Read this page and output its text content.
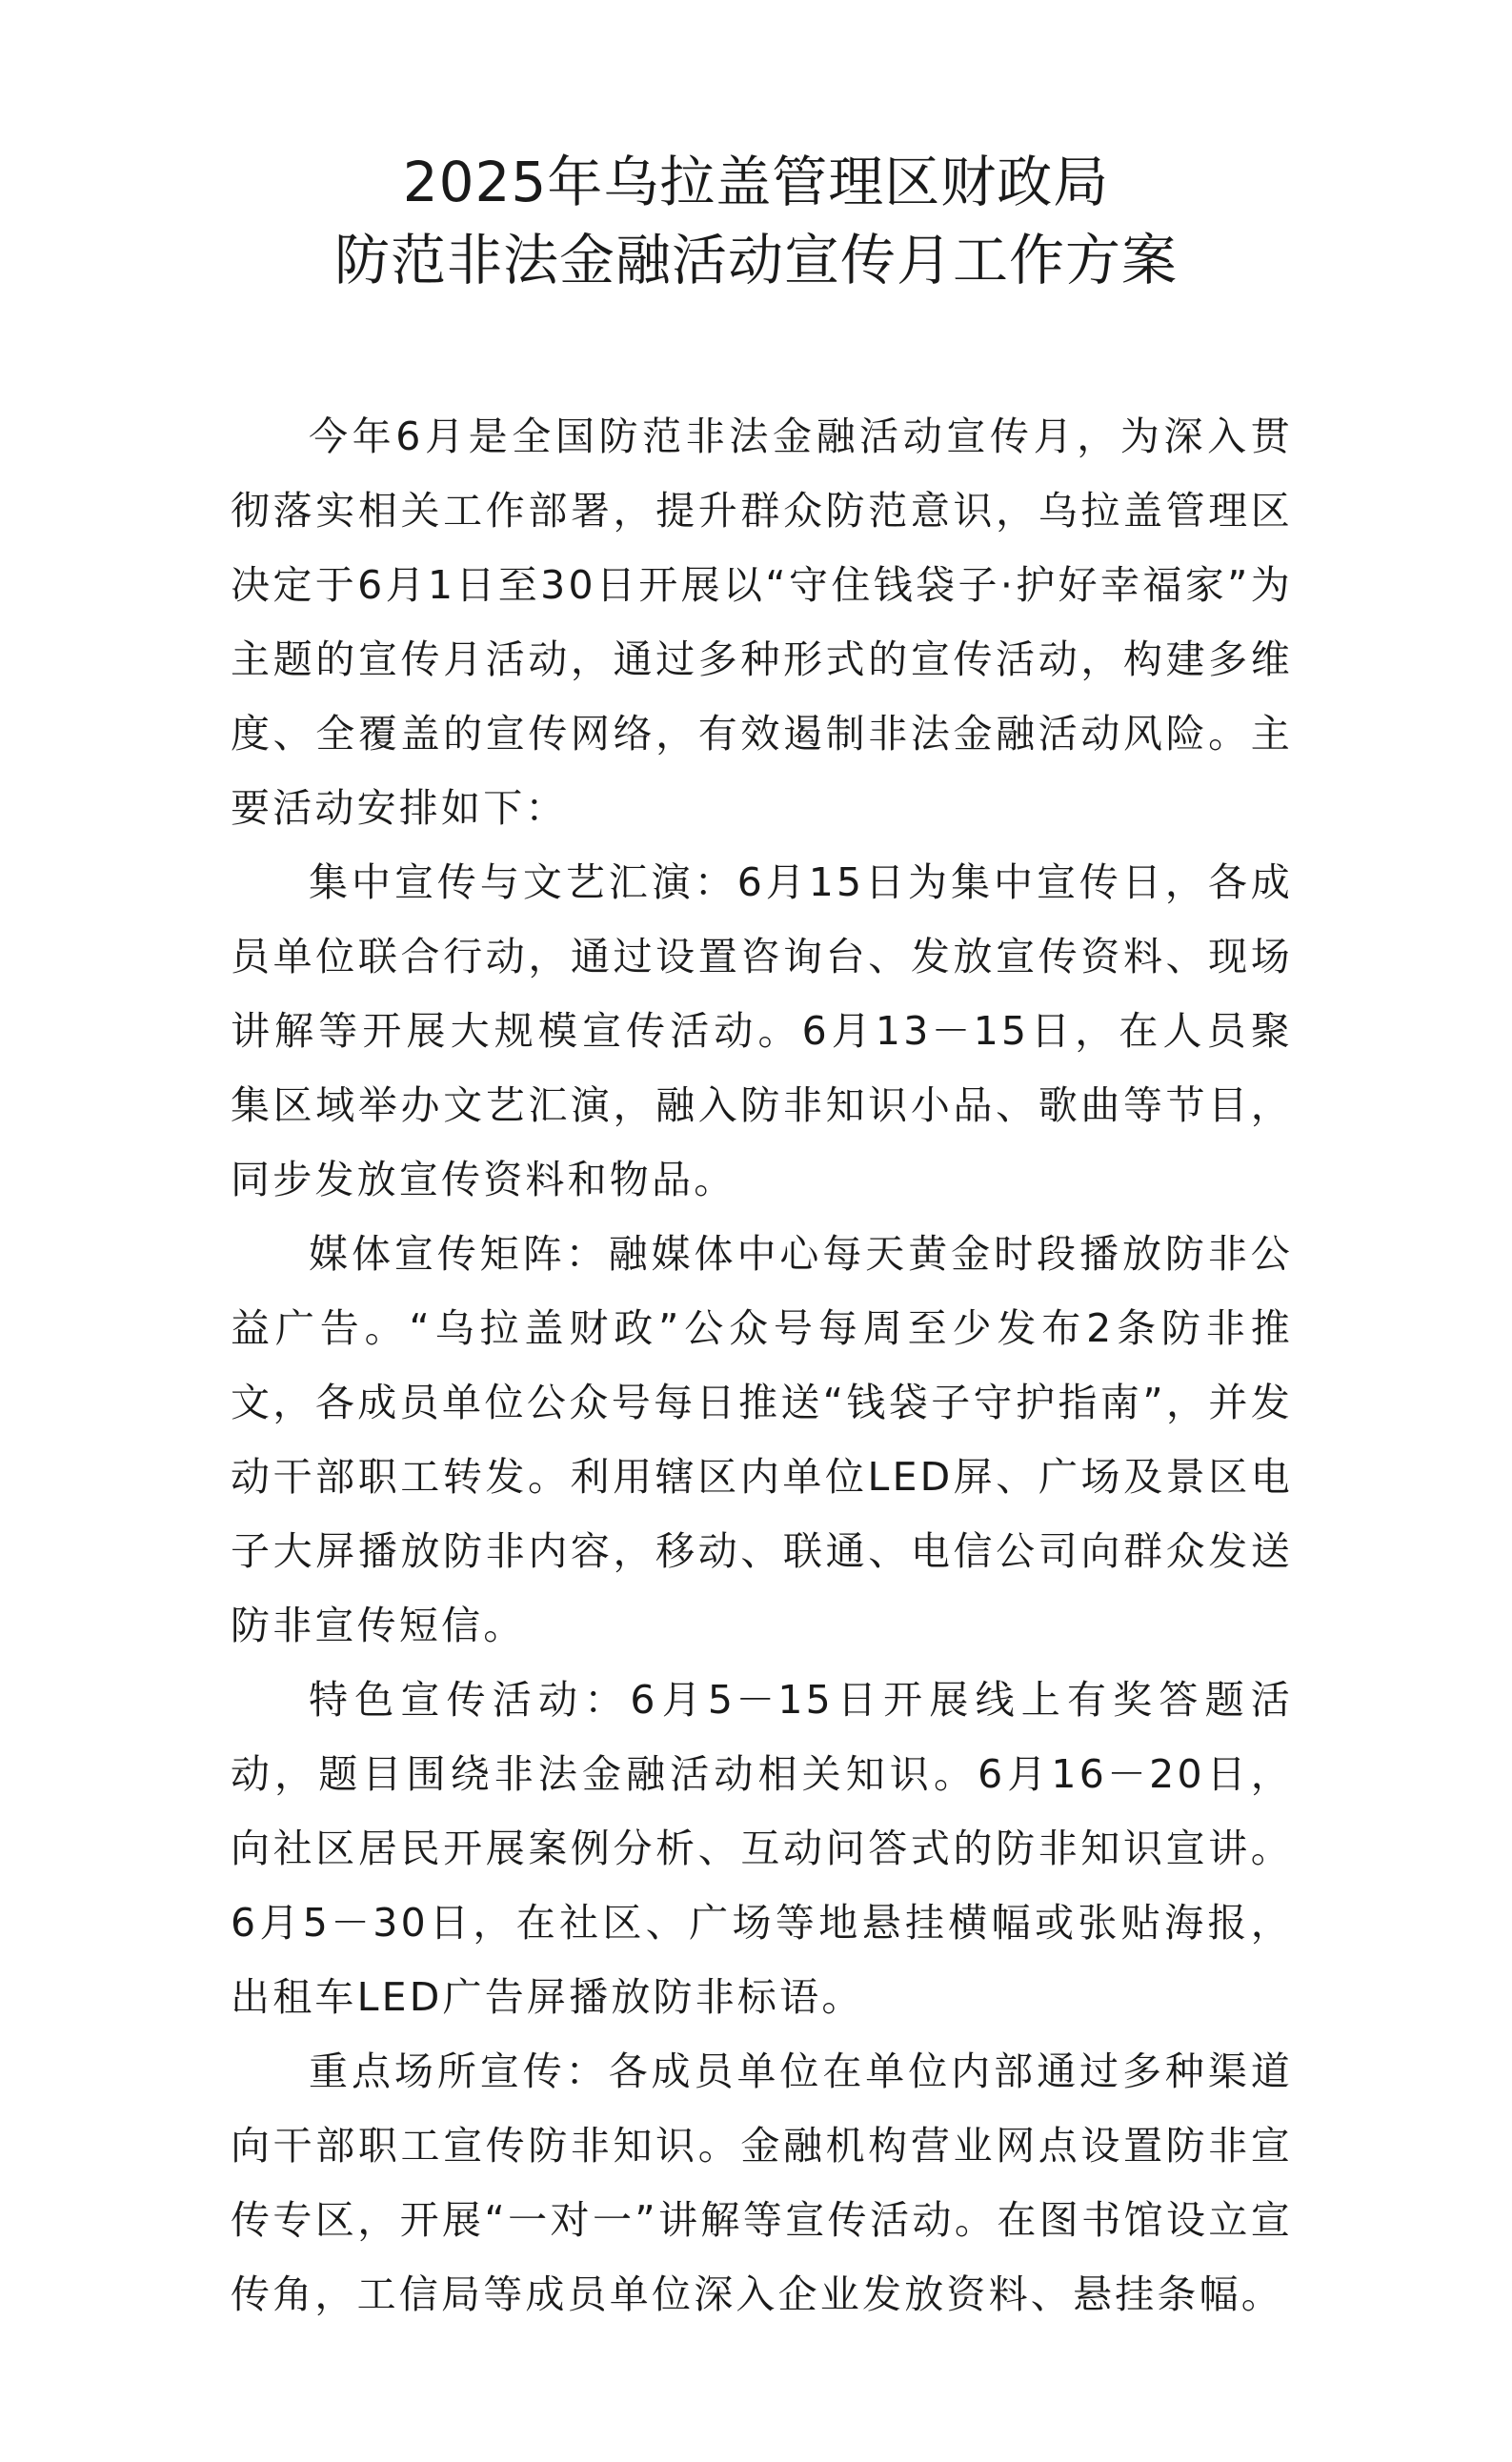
2025年乌拉盖管理区财政局
防范非法金融活动宣传月工作方案

今年6月是全国防范非法金融活动宣传月，为深入贯彻落实相关工作部署，提升群众防范意识，乌拉盖管理区决定于6月1日至30日开展以“守住钱袋子·护好幸福家”为主题的宣传月活动，通过多种形式的宣传活动，构建多维度、全覆盖的宣传网络，有效遏制非法金融活动风险。主要活动安排如下：

集中宣传与文艺汇演：6月15日为集中宣传日，各成员单位联合行动，通过设置咨询台、发放宣传资料、现场讲解等开展大规模宣传活动。6月13－15日，在人员聚集区域举办文艺汇演，融入防非知识小品、歌曲等节目，同步发放宣传资料和物品。

媒体宣传矩阵：融媒体中心每天黄金时段播放防非公益广告。“乌拉盖财政”公众号每周至少发布2条防非推文，各成员单位公众号每日推送“钱袋子守护指南”，并发动干部职工转发。利用辖区内单位LED屏、广场及景区电子大屏播放防非内容，移动、联通、电信公司向群众发送防非宣传短信。

特色宣传活动：6月5－15日开展线上有奖答题活动，题目围绕非法金融活动相关知识。6月16－20日，向社区居民开展案例分析、互动问答式的防非知识宣讲。6月5－30日，在社区、广场等地悬挂横幅或张贴海报，出租车LED广告屏播放防非标语。

重点场所宣传：各成员单位在单位内部通过多种渠道向干部职工宣传防非知识。金融机构营业网点设置防非宣传专区，开展“一对一”讲解等宣传活动。在图书馆设立宣传角，工信局等成员单位深入企业发放资料、悬挂条幅。
